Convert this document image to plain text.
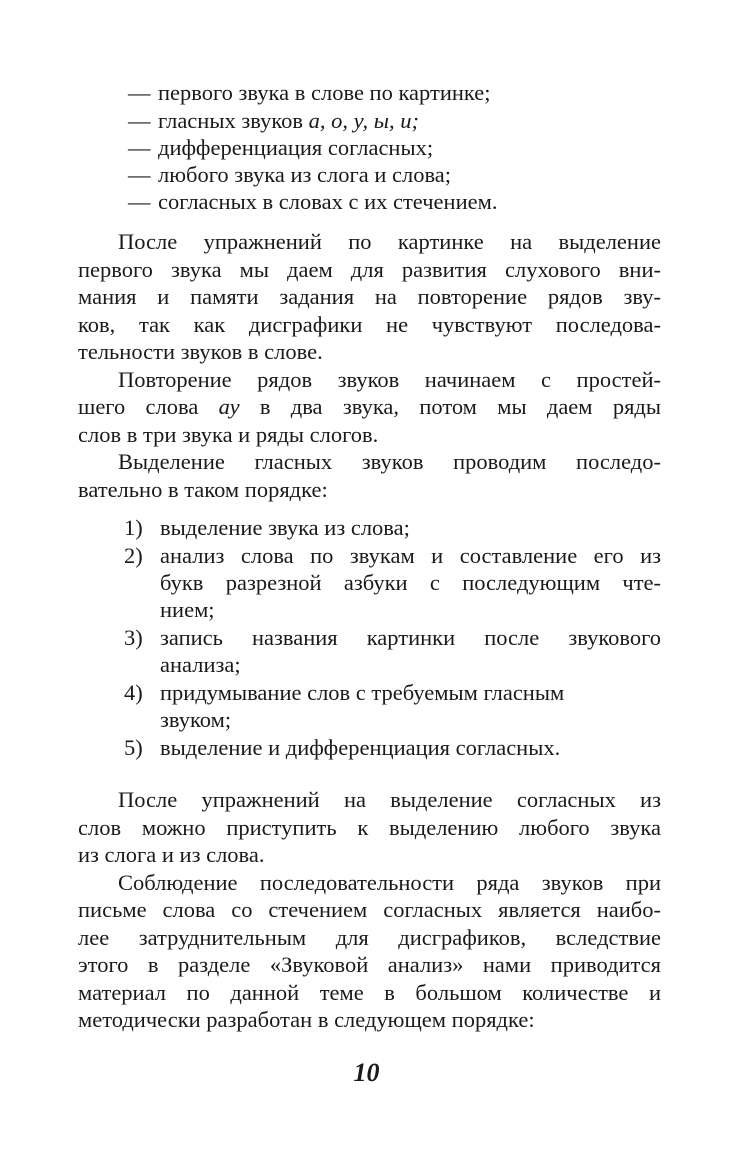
— первого звука в слове по картинке;
— гласных звуков а, о, у, ы, и;
— дифференциация согласных;
— любого звука из слога и слова;
— согласных в словах с их стечением.
После упражнений по картинке на выделение
первого звука мы даем для развития слухового вни-
мания и памяти задания на повторение рядов зву-
ков, так как дисграфики не чувствуют последова-
тельности звуков в слове.
Повторение рядов звуков начинаем с простей-
шего слова ау в два звука, потом мы даем ряды
слов в три звука и ряды слогов.
Выделение гласных звуков проводим последо-
вательно в таком порядке:
1) выделение звука из слова;
2) анализ слова по звукам и составление его из
букв разрезной азбуки с последующим чте-
нием;
3) запись названия картинки после звукового
анализа;
4) придумывание слов с требуемым гласным
звуком;
5) выделение и дифференциация согласных.
После упражнений на выделение согласных из
слов можно приступить к выделению любого звука
из слога и из слова.
Соблюдение последовательности ряда звуков при
письме слова со стечением согласных является наибо-
лее затруднительным для дисграфиков, вследствие
этого в разделе «Звуковой анализ» нами приводится
материал по данной теме в большом количестве и
методически разработан в следующем порядке:
10
